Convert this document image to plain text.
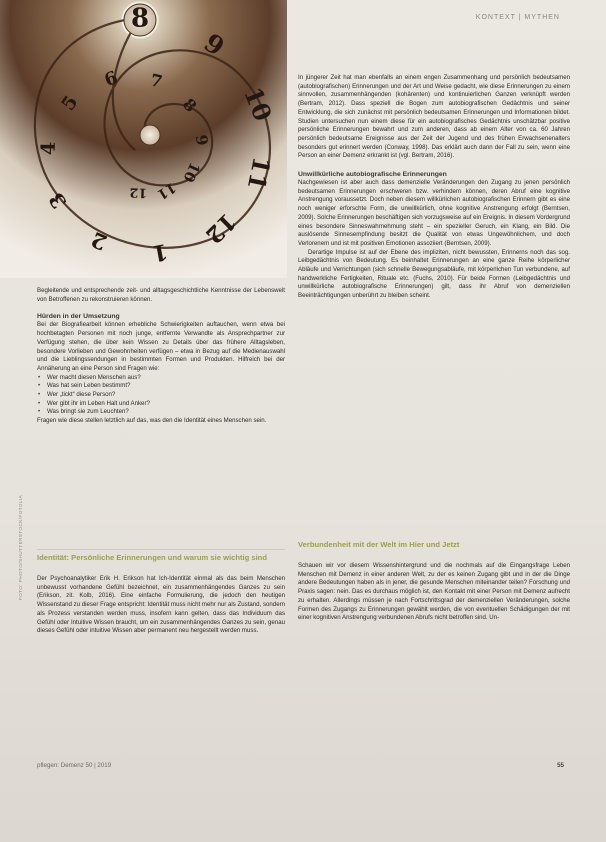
8
9
10
11
12
1
2
3
4
5
6 7
8
9
10
11
12
KONTEXT | MYTHEN

Begleitende und entsprechende zeit- und alltagsgeschichtliche Kenntnisse der Lebenswelt von Betroffenen zu rekonstruieren können.

Hürden in der Umsetzung

Bei der Biografiearbeit können erhebliche Schwierigkeiten auftauchen, wenn etwa bei hochbetagten Personen mit noch junge, entfernte Verwandte als Ansprechpartner zur Verfügung stehen, die über kein Wissen zu Details über das frühere Alltagsleben, besondere Vorlieben und Gewohnheiten verfügen – etwa in Bezug auf die Medienauswahl und die Lieblingssendungen in bestimmten Formen und Produkten. Hilfreich bei der Annäherung an eine Person sind Fragen wie:

• Wer macht diesen Menschen aus?
• Was hat sein Leben bestimmt?
• Wer „tickt“ diese Person?
• Wer gibt ihr im Leben Halt und Anker?
• Was bringt sie zum Leuchten?

Fragen wie diese stellen letztlich auf das, was den die Identität eines Menschen sein.

Identität: Persönliche Erinnerungen und warum sie wichtig sind

Der Psychoanalytiker Erik H. Erikson hat Ich-Identität einmal als das beim Menschen unbewusst vorhandene Gefühl bezeichnet, ein zusammenhängendes Ganzes zu sein (Erikson, zit. Kolb, 2016). Eine einfache Formulierung, die jedoch den heutigen Wissenstand zu dieser Frage entspricht: Identität muss nicht mehr nur als Zustand, sondern als Prozess verstanden werden muss, insofern kann gelten, dass das Individuum das Gefühl oder Intuitive Wissen braucht, um ein zusammenhängendes Ganzes zu sein, genau dieses Gefühl oder intuitive Wissen aber permanent neu hergestellt werden muss.

In jüngerer Zeit hat man ebenfalls an einem engen Zusammenhang und persönlich bedeutsamen (autobiografischen) Erinnerungen und der Art und Weise gedacht, wie diese Erinnerungen zu einem sinnvollen, zusammenhängenden (kohärenten) und kontinuierlichen Ganzen verknüpft werden (Bertram, 2012). Dass speziell die Bogen zum autobiografischen Gedächtnis und seiner Entwicklung, die sich zunächst mit persönlich bedeutsamen Erinnerungen und Informationen bildet. Studien untersuchen nun einem diese für ein autobiografisches Gedächtnis unschätzbar positive persönliche Erinnerungen bewahrt und zum anderen, dass ab einem Alter von ca. 60 Jahren persönlich bedeutsame Ereignisse aus der Zeit der Jugend und des frühen Erwachsenenalters besonders gut erinnert werden (Conway, 1998). Das erklärt auch dann der Fall zu sein, wenn eine Person an einer Demenz erkrankt ist (vgl. Bertram, 2016).

Unwillkürliche autobiografische Erinnerungen

Nachgewiesen ist aber auch dass demenzielle Veränderungen den Zugang zu jenen persönlich bedeutsamen Erinnerungen erschweren bzw. verhindern können, deren Abruf eine kognitive Anstrengung voraussetzt. Doch neben diesem willkürlichen autobiografischen Erinnern gibt es eine noch weniger erforschte Form, die unwillkürlich, ohne kognitive Anstrengung erfolgt (Berntsen, 2009). Solche Erinnerungen beschäftigen sich vorzugsweise auf ein Ereignis. In diesem Vordergrund eines besondere Sinneswahrnehmung steht – ein spezieller Geruch, ein Klang, ein Bild. Die auslösende Sinnesempfindung besitzt die Qualität von etwas Ungewöhnlichem, und doch Verlorenem und ist mit positiven Emotionen assoziiert (Berntsen, 2009).

Derartige Impulse ist auf der Ebene des impliziten, nicht bewussten, Erinnerns noch das sog. Leibgedächtnis von Bedeutung. Es beinhaltet Erinnerungen an eine ganze Reihe körperlicher Abläufe und Verrichtungen (sich schnelle Bewegungsabläufe, mit körperlichen Tun verbundene, auf handwerkliche Fertigkeiten, Rituale etc. (Fuchs, 2010). Für beide Formen (Leibgedächtnis und unwillkürliche autobiografische Erinnerungen) gilt, dass ihr Abruf von demenziellen Beeinträchtigungen unberührt zu bleiben scheint.

Verbundenheit mit der Welt im Hier und Jetzt

Schauen wir vor diesem Wissenshintergrund und die nochmals auf die Eingangsfrage Leben Menschen mit Demenz in einer anderen Welt, zu der es keinen Zugang gibt und in der die Dinge andere Bedeutungen haben als in jener, die gesunde Menschen miteinander teilen? Forschung und Praxis sagen: nein. Das es durchaus möglich ist, den Kontakt mit einer Person mit Demenz aufrecht zu erhalten. Allerdings müssen je nach Fortschrittsgrad der demenziellen Veränderungen, solche Formen des Zugangs zu Erinnerungen gewählt werden, die von eventuellen Schädigungen der mit einer kognitiven Anstrengung verbundenen Abrufs nicht betroffen sind. Un-

pflegen: Demenz 50 | 2019	55
FOTO: PHOTO/SHUTTERSTOCK/FOTOLIA
